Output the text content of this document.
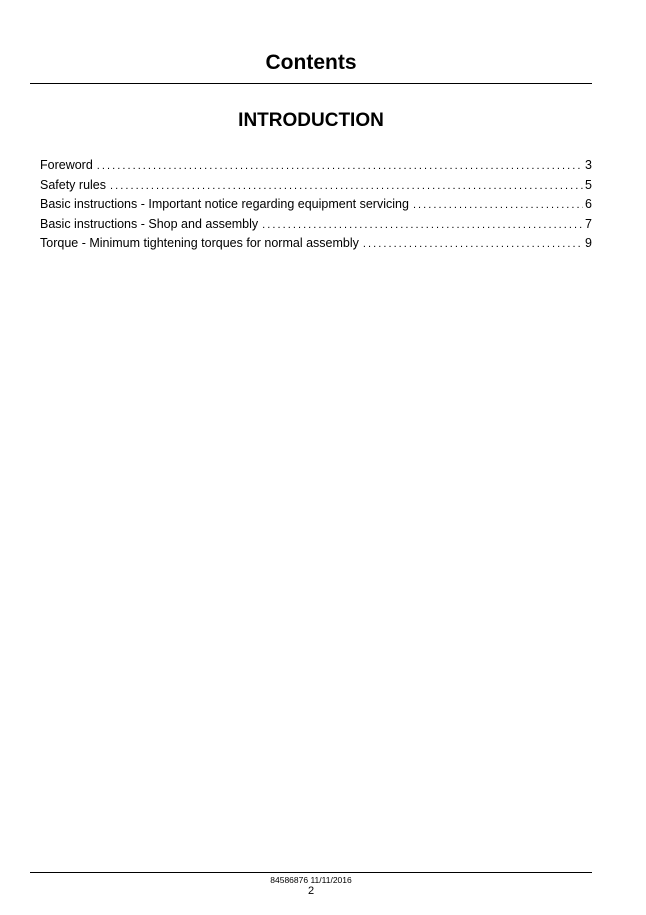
Contents
INTRODUCTION
Foreword . . .	3
Safety rules . . .	5
Basic instructions - Important notice regarding equipment servicing . . .	6
Basic instructions - Shop and assembly . . .	7
Torque - Minimum tightening torques for normal assembly . . .	9
84586876 11/11/2016
2
